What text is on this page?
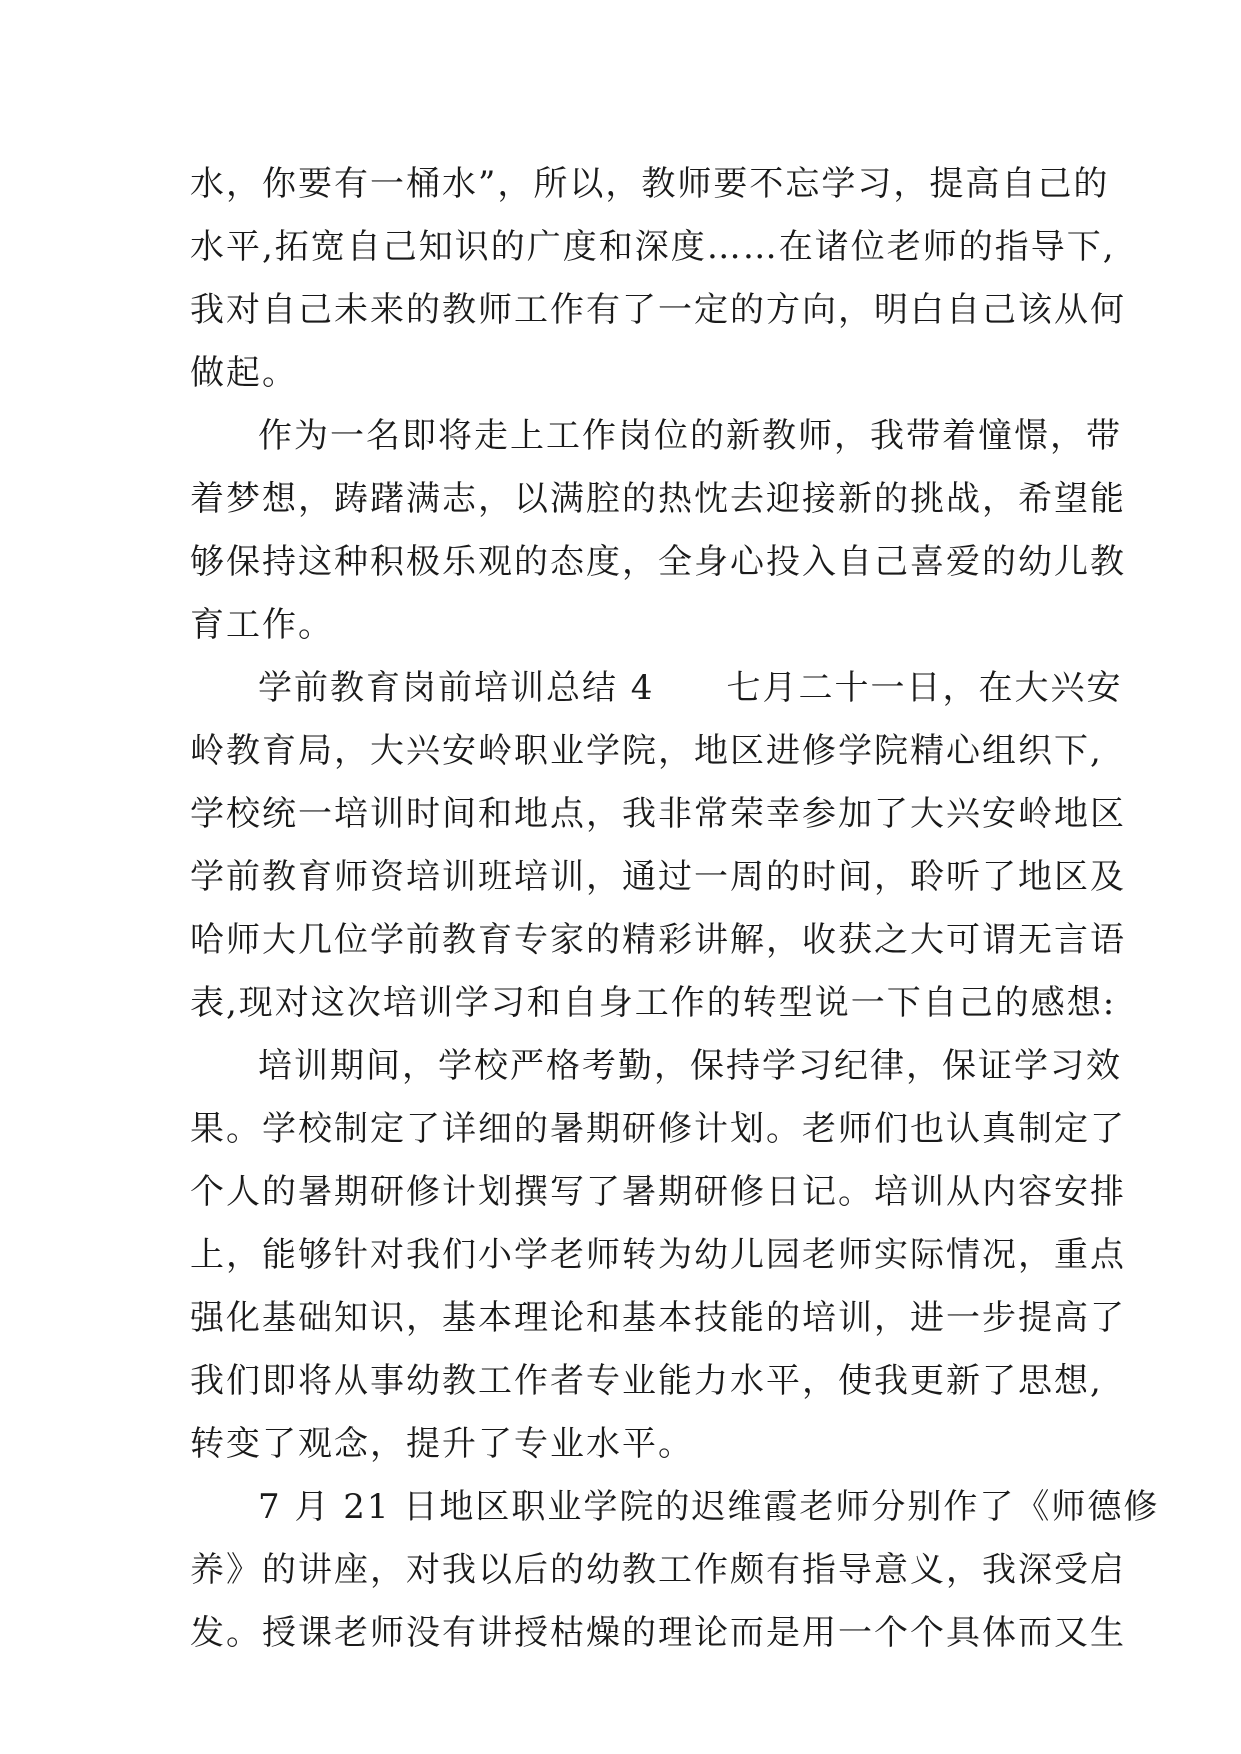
水，你要有一桶水”，所以，教师要不忘学习，提高自己的
水平,拓宽自己知识的广度和深度……在诸位老师的指导下,
我对自己未来的教师工作有了一定的方向，明白自己该从何
做起。
作为一名即将走上工作岗位的新教师，我带着憧憬，带
着梦想，踌躇满志，以满腔的热忱去迎接新的挑战，希望能
够保持这种积极乐观的态度，全身心投入自己喜爱的幼儿教
育工作。
学前教育岗前培训总结 4　　七月二十一日，在大兴安
岭教育局，大兴安岭职业学院，地区进修学院精心组织下,
学校统一培训时间和地点，我非常荣幸参加了大兴安岭地区
学前教育师资培训班培训，通过一周的时间，聆听了地区及
哈师大几位学前教育专家的精彩讲解，收获之大可谓无言语
表,现对这次培训学习和自身工作的转型说一下自己的感想:
培训期间，学校严格考勤，保持学习纪律，保证学习效
果。学校制定了详细的暑期研修计划。老师们也认真制定了
个人的暑期研修计划撰写了暑期研修日记。培训从内容安排
上，能够针对我们小学老师转为幼儿园老师实际情况，重点
强化基础知识，基本理论和基本技能的培训，进一步提高了
我们即将从事幼教工作者专业能力水平，使我更新了思想,
转变了观念，提升了专业水平。
7 月 21 日地区职业学院的迟维霞老师分别作了《师德修
养》的讲座，对我以后的幼教工作颇有指导意义，我深受启
发。授课老师没有讲授枯燥的理论而是用一个个具体而又生
